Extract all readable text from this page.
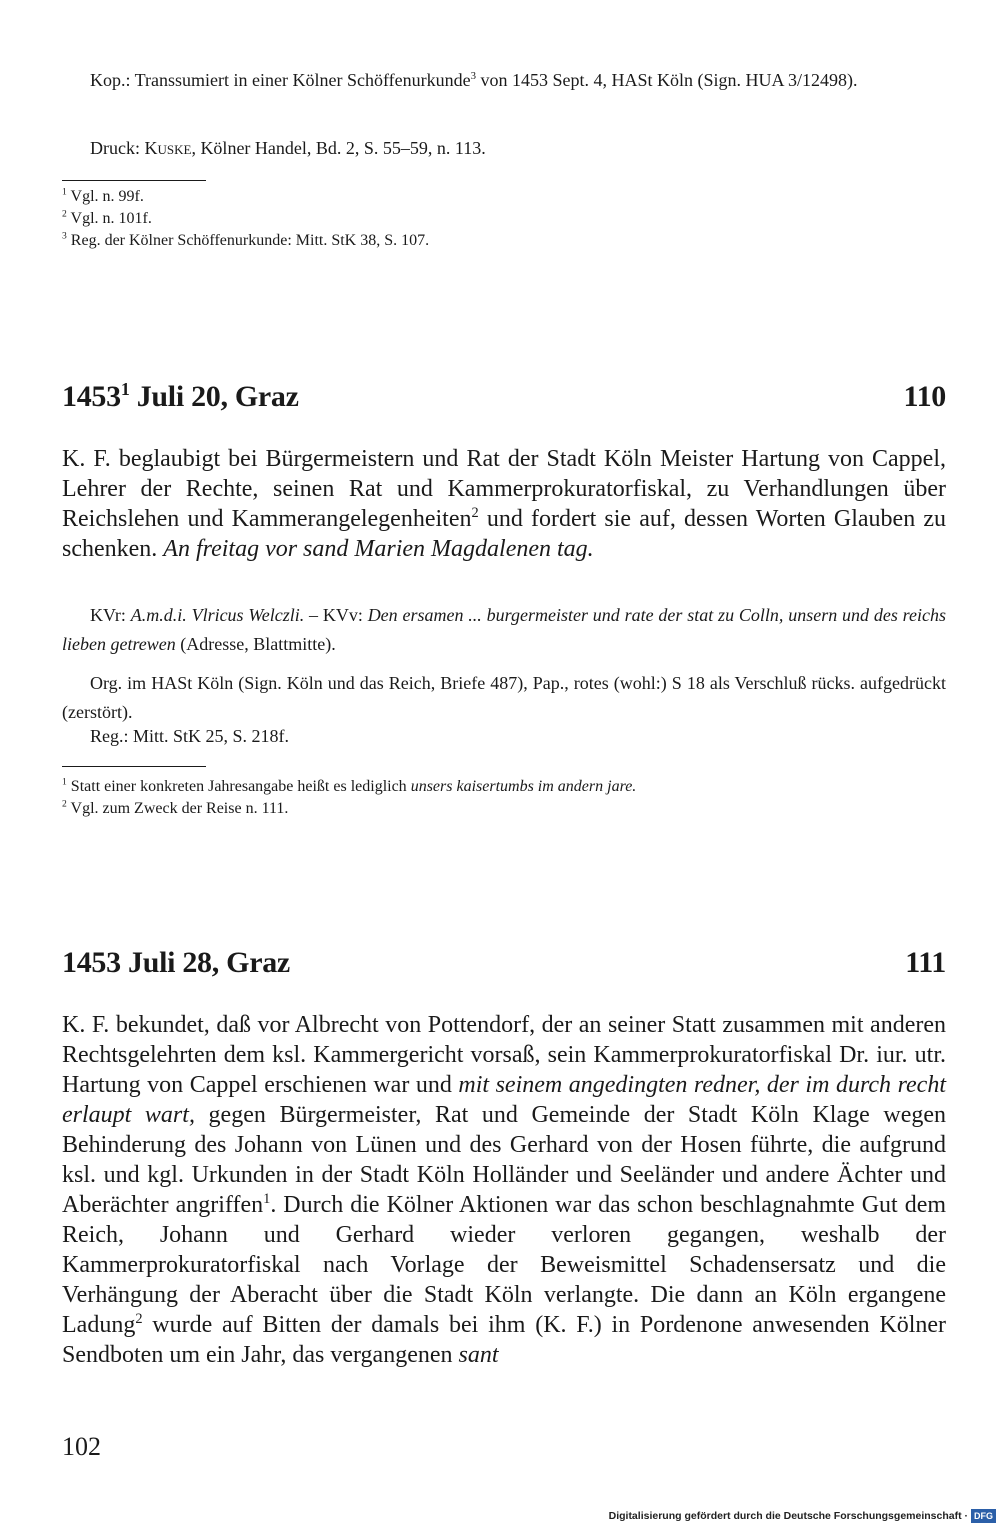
Kop.: Transsumiert in einer Kölner Schöffenurkunde$^3$ von 1453 Sept. 4, HASt Köln (Sign. HUA 3/12498).

Druck: Kuske, Kölner Handel, Bd. 2, S. 55–59, n. 113.

$^1$ Vgl. n. 99f.
$^2$ Vgl. n. 101f.
$^3$ Reg. der Kölner Schöffenurkunde: Mitt. StK 38, S. 107.
1453$^1$ Juli 20, Graz	110

K. F. beglaubigt bei Bürgermeistern und Rat der Stadt Köln Meister Hartung von Cappel, Lehrer der Rechte, seinen Rat und Kammerprokuratorfiskal, zu Verhandlungen über Reichslehen und Kammerangelegenheiten$^2$ und fordert sie auf, dessen Worten Glauben zu schenken. An freitag vor sand Marien Magdalenen tag.

KVr: A.m.d.i. Vlricus Welczli. – KVv: Den ersamen ... burgermeister und rate der stat zu Colln, unsern und des reichs lieben getrewen (Adresse, Blattmitte).

Org. im HASt Köln (Sign. Köln und das Reich, Briefe 487), Pap., rotes (wohl:) S 18 als Verschluß rücks. aufgedrückt (zerstört).

Reg.: Mitt. StK 25, S. 218f.

$^1$ Statt einer konkreten Jahresangabe heißt es lediglich unsers kaisertumbs im andern jare.
$^2$ Vgl. zum Zweck der Reise n. 111.
1453 Juli 28, Graz	111

K. F. bekundet, daß vor Albrecht von Pottendorf, der an seiner Statt zusammen mit anderen Rechtsgelehrten dem ksl. Kammergericht vorsaß, sein Kammerprokuratorfiskal Dr. iur. utr. Hartung von Cappel erschienen war und mit seinem angedingten redner, der im durch recht erlaupt wart, gegen Bürgermeister, Rat und Gemeinde der Stadt Köln Klage wegen Behinderung des Johann von Lünen und des Gerhard von der Hosen führte, die aufgrund ksl. und kgl. Urkunden in der Stadt Köln Holländer und Seeländer und andere Ächter und Aberächter angriffen$^1$. Durch die Kölner Aktionen war das schon beschlagnahmte Gut dem Reich, Johann und Gerhard wieder verloren gegangen, weshalb der Kammerprokuratorfiskal nach Vorlage der Beweismittel Schadensersatz und die Verhängung der Aberacht über die Stadt Köln verlangte. Die dann an Köln ergangene Ladung$^2$ wurde auf Bitten der damals bei ihm (K. F.) in Pordenone anwesenden Kölner Sendboten um ein Jahr, das vergangenen sant

102
Digitalisierung gefördert durch die Deutsche Forschungsgemeinschaft · DFG
